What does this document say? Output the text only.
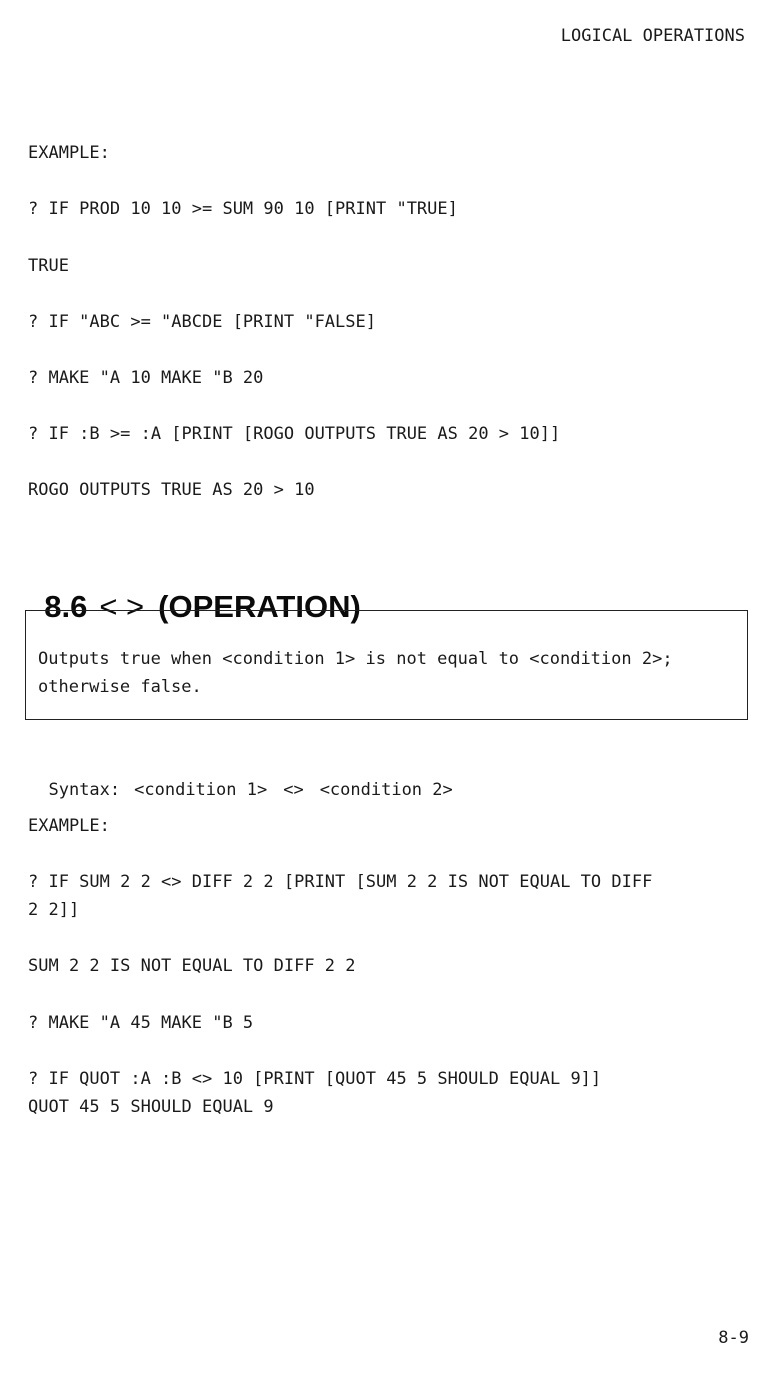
LOGICAL OPERATIONS
EXAMPLE:
? IF PROD 10 10 >= SUM 90 10 [PRINT "TRUE]
TRUE
? IF "ABC >= "ABCDE [PRINT "FALSE]
? MAKE "A 10 MAKE "B 20
? IF :B >= :A [PRINT [ROGO OUTPUTS TRUE AS 20 > 10]]
ROGO OUTPUTS TRUE AS 20 > 10

8.6 < > (OPERATION)

Outputs true when <condition 1> is not equal to <condition 2>;
otherwise false.

Syntax: <condition 1> <> <condition 2>

EXAMPLE:
? IF SUM 2 2 <> DIFF 2 2 [PRINT [SUM 2 2 IS NOT EQUAL TO DIFF
2 2]]
SUM 2 2 IS NOT EQUAL TO DIFF 2 2
? MAKE "A 45 MAKE "B 5
? IF QUOT :A :B <> 10 [PRINT [QUOT 45 5 SHOULD EQUAL 9]]
QUOT 45 5 SHOULD EQUAL 9
8-9
